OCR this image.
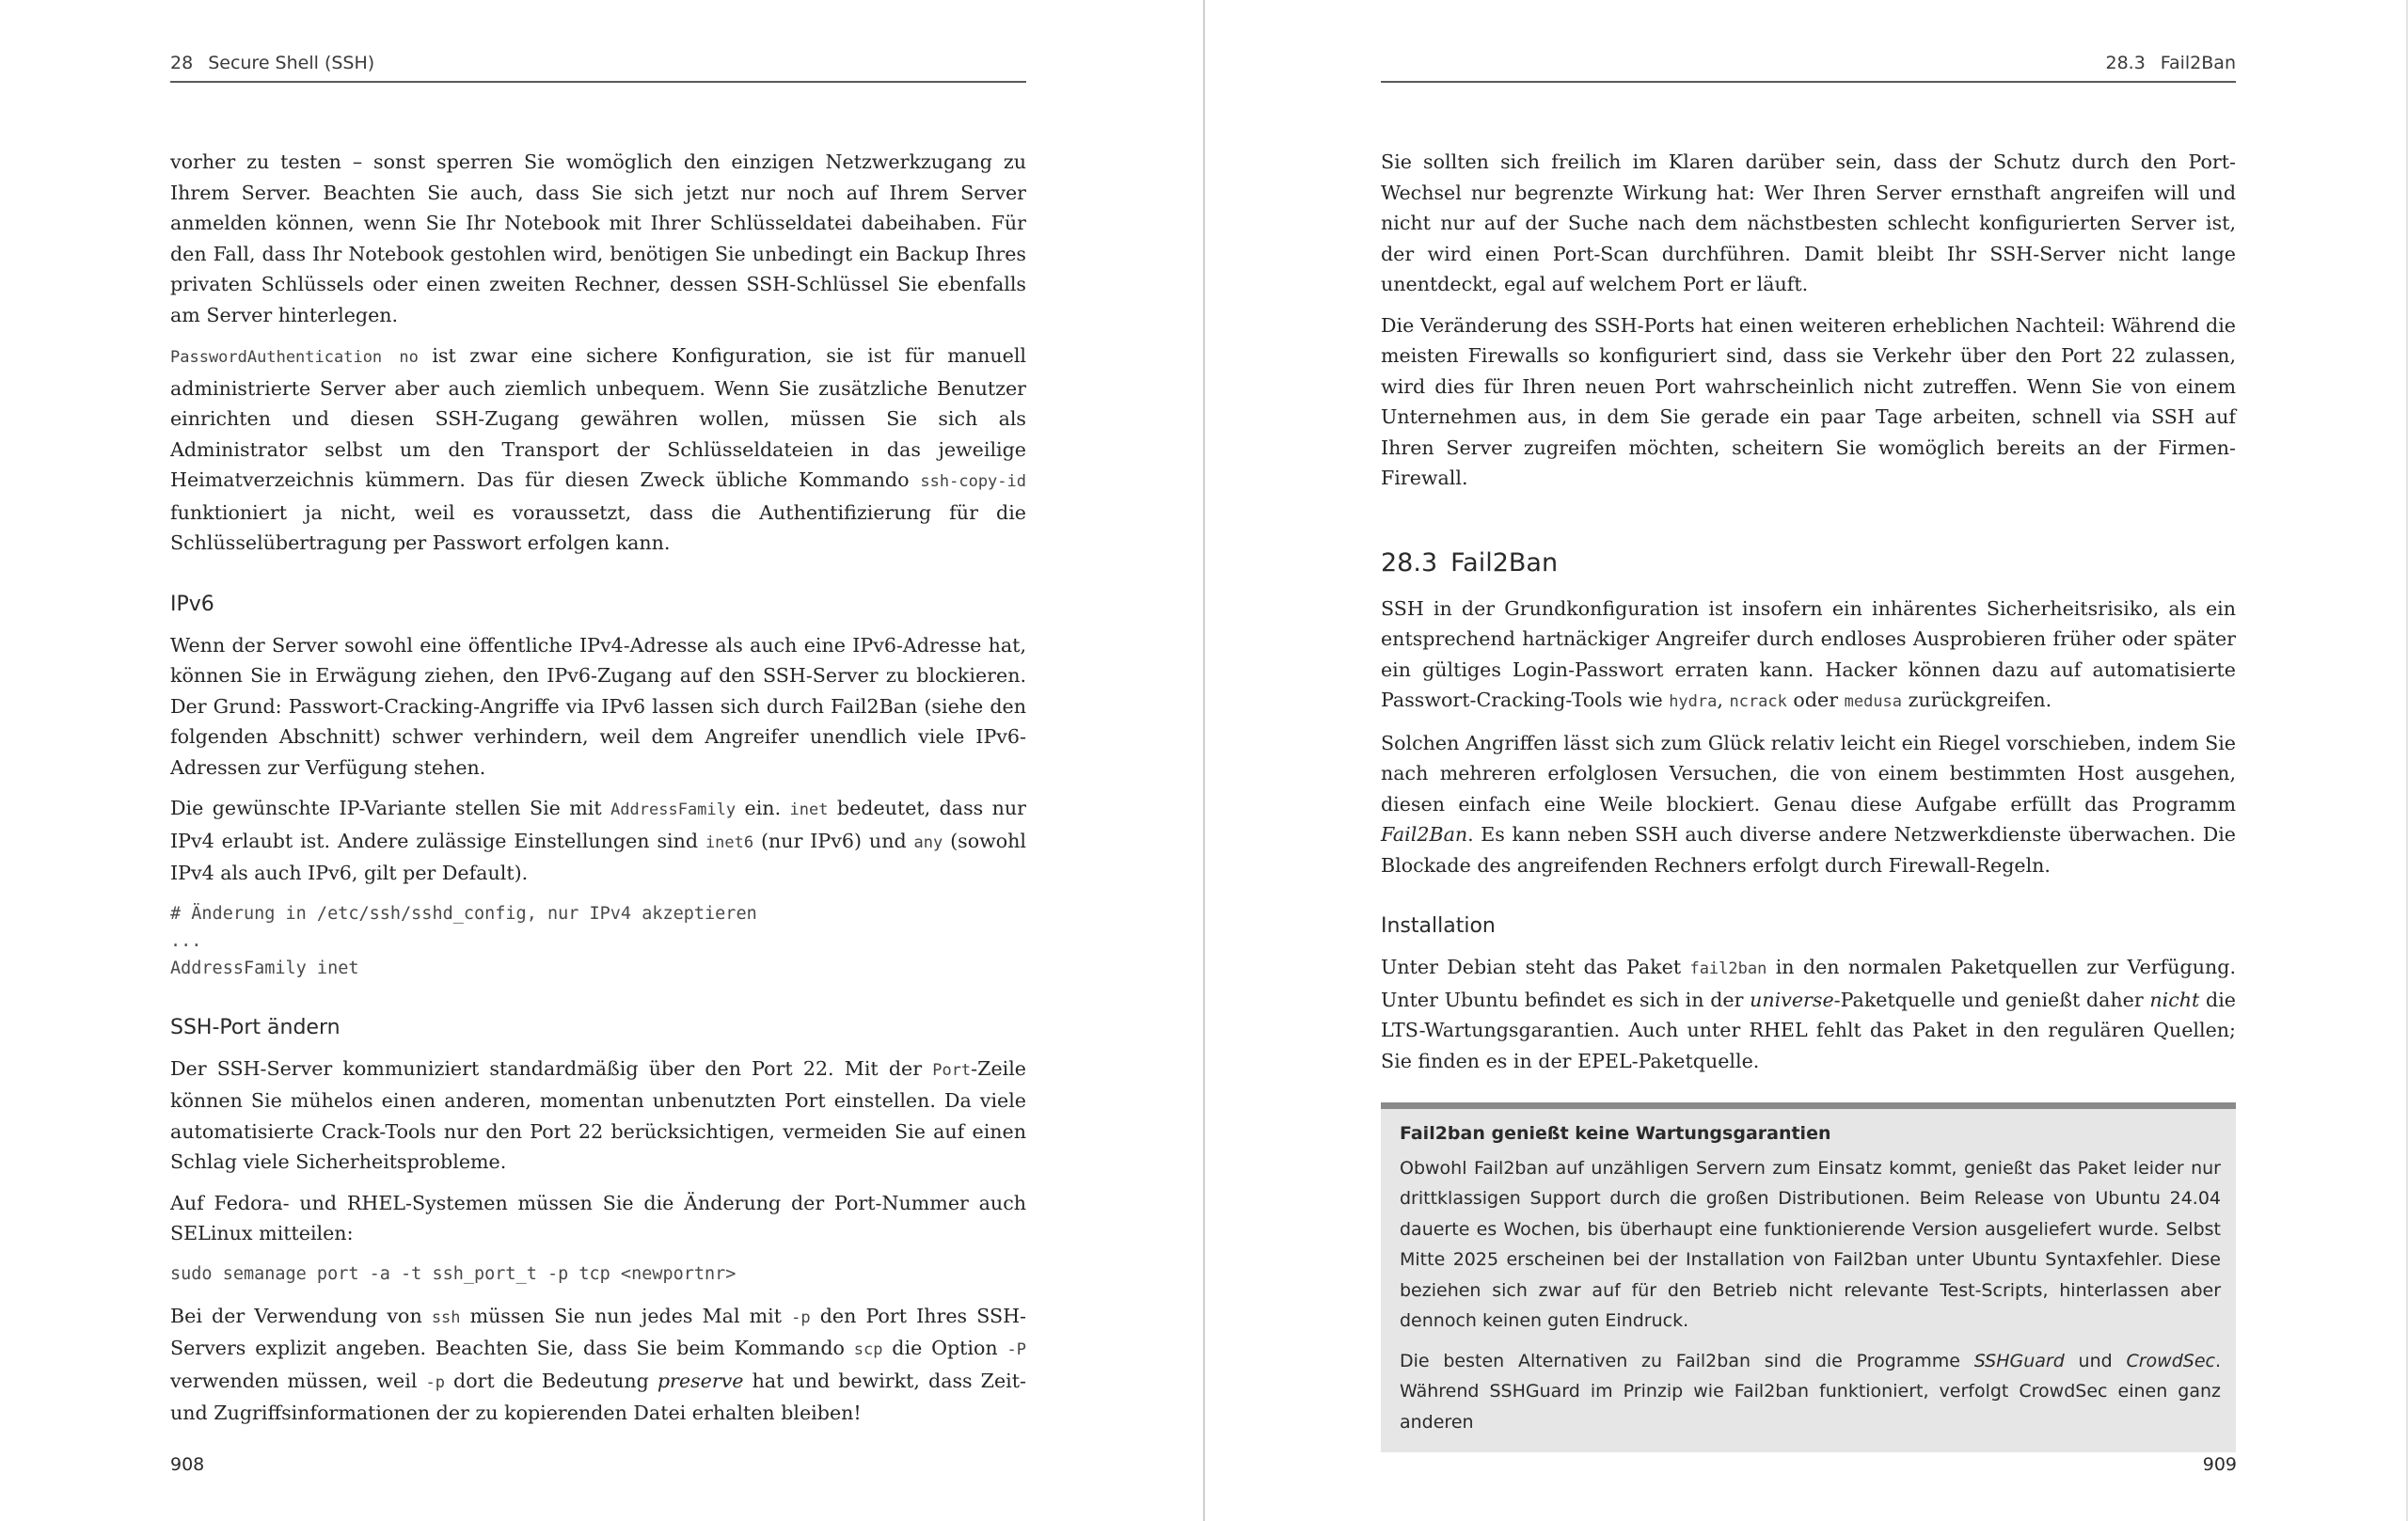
28 Secure Shell (SSH)

vorher zu testen – sonst sperren Sie womöglich den einzigen Netzwerkzugang zu Ihrem Server. Beachten Sie auch, dass Sie sich jetzt nur noch auf Ihrem Server anmelden können, wenn Sie Ihr Notebook mit Ihrer Schlüsseldatei dabeihaben. Für den Fall, dass Ihr Notebook gestohlen wird, benötigen Sie unbedingt ein Backup Ihres privaten Schlüssels oder einen zweiten Rechner, dessen SSH-Schlüssel Sie ebenfalls am Server hinterlegen.

PasswordAuthentication no ist zwar eine sichere Konfiguration, sie ist für manuell administrierte Server aber auch ziemlich unbequem. Wenn Sie zusätzliche Benutzer einrichten und diesen SSH-Zugang gewähren wollen, müssen Sie sich als Administrator selbst um den Transport der Schlüsseldateien in das jeweilige Heimatverzeichnis kümmern. Das für diesen Zweck übliche Kommando ssh-copy-id funktioniert ja nicht, weil es voraussetzt, dass die Authentifizierung für die Schlüsselübertragung per Passwort erfolgen kann.

IPv6

Wenn der Server sowohl eine öffentliche IPv4-Adresse als auch eine IPv6-Adresse hat, können Sie in Erwägung ziehen, den IPv6-Zugang auf den SSH-Server zu blockieren. Der Grund: Passwort-Cracking-Angriffe via IPv6 lassen sich durch Fail2Ban (siehe den folgenden Abschnitt) schwer verhindern, weil dem Angreifer unendlich viele IPv6-Adressen zur Verfügung stehen.

Die gewünschte IP-Variante stellen Sie mit AddressFamily ein. inet bedeutet, dass nur IPv4 erlaubt ist. Andere zulässige Einstellungen sind inet6 (nur IPv6) und any (sowohl IPv4 als auch IPv6, gilt per Default).

# Änderung in /etc/ssh/sshd_config, nur IPv4 akzeptieren
...
AddressFamily inet
SSH-Port ändern

Der SSH-Server kommuniziert standardmäßig über den Port 22. Mit der Port-Zeile können Sie mühelos einen anderen, momentan unbenutzten Port einstellen. Da viele automatisierte Crack-Tools nur den Port 22 berücksichtigen, vermeiden Sie auf einen Schlag viele Sicherheitsprobleme.

Auf Fedora- und RHEL-Systemen müssen Sie die Änderung der Port-Nummer auch SELinux mitteilen:

sudo semanage port -a -t ssh_port_t -p tcp <newportnr>

Bei der Verwendung von ssh müssen Sie nun jedes Mal mit -p den Port Ihres SSH-Servers explizit angeben. Beachten Sie, dass Sie beim Kommando scp die Option -P verwenden müssen, weil -p dort die Bedeutung preserve hat und bewirkt, dass Zeit- und Zugriffsinformationen der zu kopierenden Datei erhalten bleiben!

908
28.3 Fail2Ban

Sie sollten sich freilich im Klaren darüber sein, dass der Schutz durch den Port-Wechsel nur begrenzte Wirkung hat: Wer Ihren Server ernsthaft angreifen will und nicht nur auf der Suche nach dem nächstbesten schlecht konfigurierten Server ist, der wird einen Port-Scan durchführen. Damit bleibt Ihr SSH-Server nicht lange unentdeckt, egal auf welchem Port er läuft.

Die Veränderung des SSH-Ports hat einen weiteren erheblichen Nachteil: Während die meisten Firewalls so konfiguriert sind, dass sie Verkehr über den Port 22 zulassen, wird dies für Ihren neuen Port wahrscheinlich nicht zutreffen. Wenn Sie von einem Unternehmen aus, in dem Sie gerade ein paar Tage arbeiten, schnell via SSH auf Ihren Server zugreifen möchten, scheitern Sie womöglich bereits an der Firmen-Firewall.

28.3 Fail2Ban

SSH in der Grundkonfiguration ist insofern ein inhärentes Sicherheitsrisiko, als ein entsprechend hartnäckiger Angreifer durch endloses Ausprobieren früher oder später ein gültiges Login-Passwort erraten kann. Hacker können dazu auf automatisierte Passwort-Cracking-Tools wie hydra, ncrack oder medusa zurückgreifen.

Solchen Angriffen lässt sich zum Glück relativ leicht ein Riegel vorschieben, indem Sie nach mehreren erfolglosen Versuchen, die von einem bestimmten Host ausgehen, diesen einfach eine Weile blockiert. Genau diese Aufgabe erfüllt das Programm Fail2Ban. Es kann neben SSH auch diverse andere Netzwerkdienste überwachen. Die Blockade des angreifenden Rechners erfolgt durch Firewall-Regeln.

Installation

Unter Debian steht das Paket fail2ban in den normalen Paketquellen zur Verfügung. Unter Ubuntu befindet es sich in der universe-Paketquelle und genießt daher nicht die LTS-Wartungsgarantien. Auch unter RHEL fehlt das Paket in den regulären Quellen; Sie finden es in der EPEL-Paketquelle.

Fail2ban genießt keine Wartungsgarantien

Obwohl Fail2ban auf unzähligen Servern zum Einsatz kommt, genießt das Paket leider nur drittklassigen Support durch die großen Distributionen. Beim Release von Ubuntu 24.04 dauerte es Wochen, bis überhaupt eine funktionierende Version ausgeliefert wurde. Selbst Mitte 2025 erscheinen bei der Installation von Fail2ban unter Ubuntu Syntaxfehler. Diese beziehen sich zwar auf für den Betrieb nicht relevante Test-Scripts, hinterlassen aber dennoch keinen guten Eindruck.

Die besten Alternativen zu Fail2ban sind die Programme SSHGuard und CrowdSec. Während SSHGuard im Prinzip wie Fail2ban funktioniert, verfolgt CrowdSec einen ganz anderen

909
